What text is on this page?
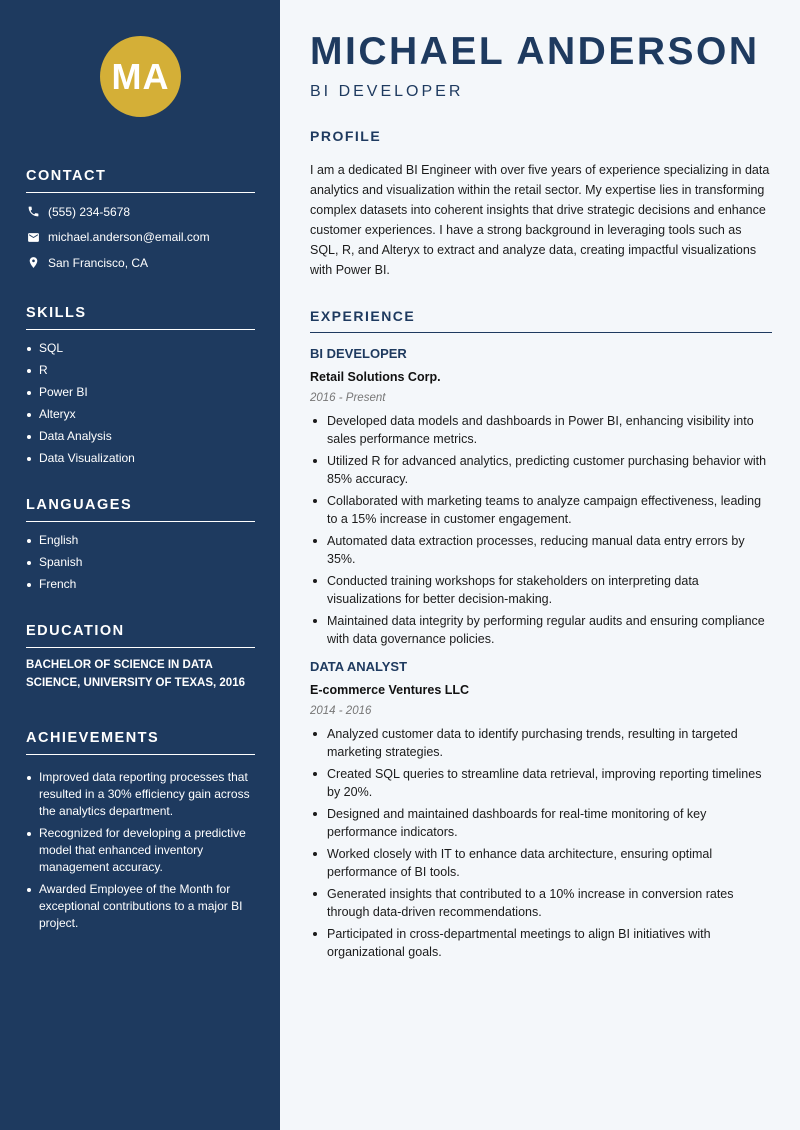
MA
CONTACT
(555) 234-5678
michael.anderson@email.com
San Francisco, CA
SKILLS
SQL
R
Power BI
Alteryx
Data Analysis
Data Visualization
LANGUAGES
English
Spanish
French
EDUCATION
BACHELOR OF SCIENCE IN DATA SCIENCE, UNIVERSITY OF TEXAS, 2016
ACHIEVEMENTS
Improved data reporting processes that resulted in a 30% efficiency gain across the analytics department.
Recognized for developing a predictive model that enhanced inventory management accuracy.
Awarded Employee of the Month for exceptional contributions to a major BI project.
MICHAEL ANDERSON
BI DEVELOPER
PROFILE
I am a dedicated BI Engineer with over five years of experience specializing in data analytics and visualization within the retail sector. My expertise lies in transforming complex datasets into coherent insights that drive strategic decisions and enhance customer experiences. I have a strong background in leveraging tools such as SQL, R, and Alteryx to extract and analyze data, creating impactful visualizations with Power BI.
EXPERIENCE
BI DEVELOPER
Retail Solutions Corp.
2016 - Present
Developed data models and dashboards in Power BI, enhancing visibility into sales performance metrics.
Utilized R for advanced analytics, predicting customer purchasing behavior with 85% accuracy.
Collaborated with marketing teams to analyze campaign effectiveness, leading to a 15% increase in customer engagement.
Automated data extraction processes, reducing manual data entry errors by 35%.
Conducted training workshops for stakeholders on interpreting data visualizations for better decision-making.
Maintained data integrity by performing regular audits and ensuring compliance with data governance policies.
DATA ANALYST
E-commerce Ventures LLC
2014 - 2016
Analyzed customer data to identify purchasing trends, resulting in targeted marketing strategies.
Created SQL queries to streamline data retrieval, improving reporting timelines by 20%.
Designed and maintained dashboards for real-time monitoring of key performance indicators.
Worked closely with IT to enhance data architecture, ensuring optimal performance of BI tools.
Generated insights that contributed to a 10% increase in conversion rates through data-driven recommendations.
Participated in cross-departmental meetings to align BI initiatives with organizational goals.
